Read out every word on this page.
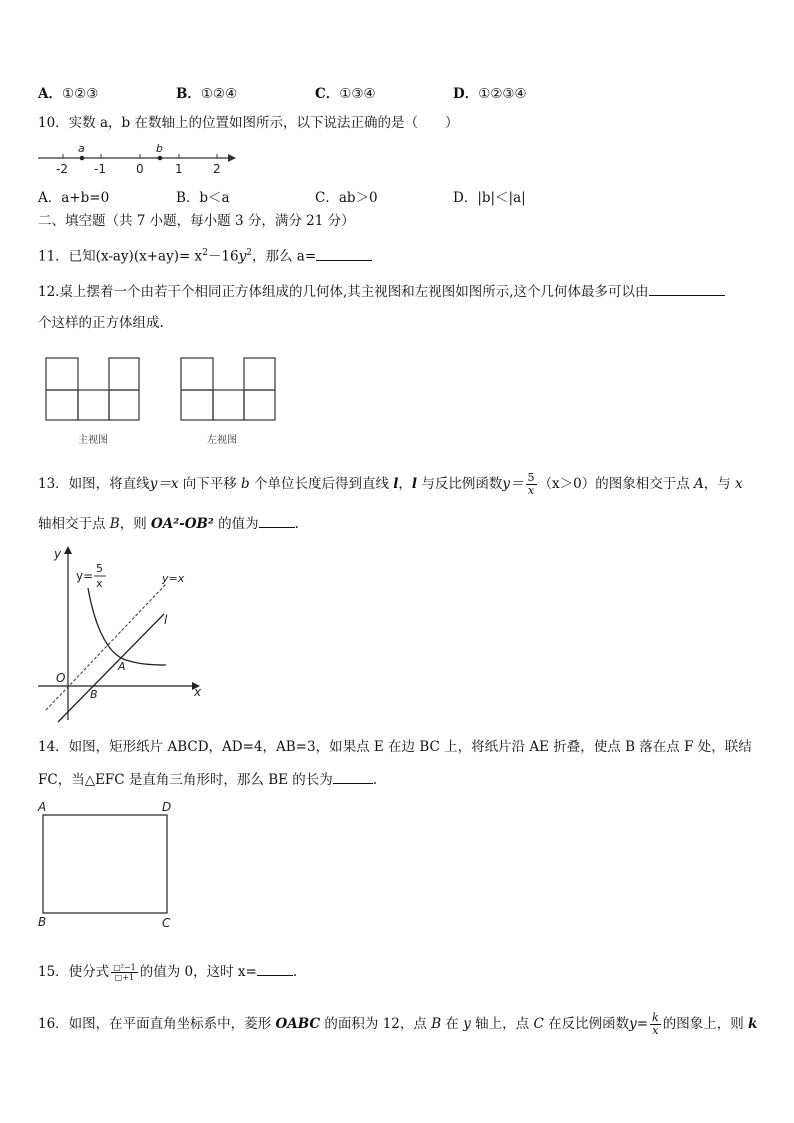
A．①②③	B．①②④	C．①③④	D．①②③④
10．实数 a，b 在数轴上的位置如图所示，以下说法正确的是（　　）
a	b
-2 -1	0	1	2
A．a+b=0	B．b＜a	C．ab＞0	D．|b|＜|a|
二、填空题（共 7 小题，每小题 3 分，满分 21 分）
11．已知$(x-ay)(x+ay)= x^2-16y^2$，那么 a=
12.桌上摆着一个由若干个相同正方体组成的几何体,其主视图和左视图如图所示,这个几何体最多可以由
个这样的正方体组成.
主视图	左视图
13．如图，将直线y＝x 向下平移 b 个单位长度后得到直线 l，l 与反比例函数$y= \frac{5}{x} (x>0)$的图象相交于点 A，与 x
轴相交于点 B，则 OA²-OB² 的值为	.
y
x
O
A
B
l
y=x
y=
5
x
14．如图，矩形纸片 ABCD，AD=4，AB=3，如果点 E 在边 BC 上，将纸片沿 AE 折叠，使点 B 落在点 F 处，联结
FC，当△EFC 是直角三角形时，那么 BE 的长为	.
A	D
B	C
15．使分式 $\frac{\text{□²−1}}{□+1}$ 的值为 0，这时 x=	.
16．如图，在平面直角坐标系中，菱形 OABC 的面积为 12，点 B 在 y 轴上，点 C 在反比例函数$y= \frac{k}{x}$ 的图象上，则 k
